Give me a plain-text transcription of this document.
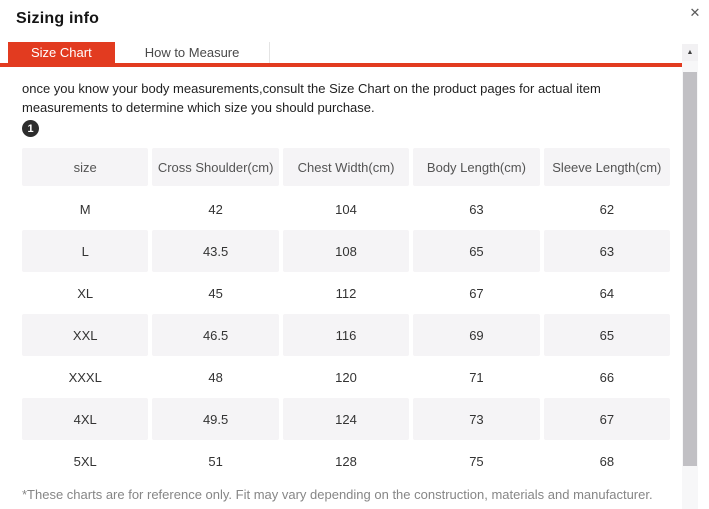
Sizing info	✕
Size Chart	How to Measure
once you know your body measurements,consult the Size Chart on the product pages for actual item measurements to determine which size you should purchase.
1
size	Cross Shoulder(cm)	Chest Width(cm)	Body Length(cm)	Sleeve Length(cm)
M	42	104	63	62
L	43.5	108	65	63
XL	45	112	67	64
XXL	46.5	116	69	65
XXXL	48	120	71	66
4XL	49.5	124	73	67
5XL	51	128	75	68
*These charts are for reference only. Fit may vary depending on the construction, materials and manufacturer.
▲
